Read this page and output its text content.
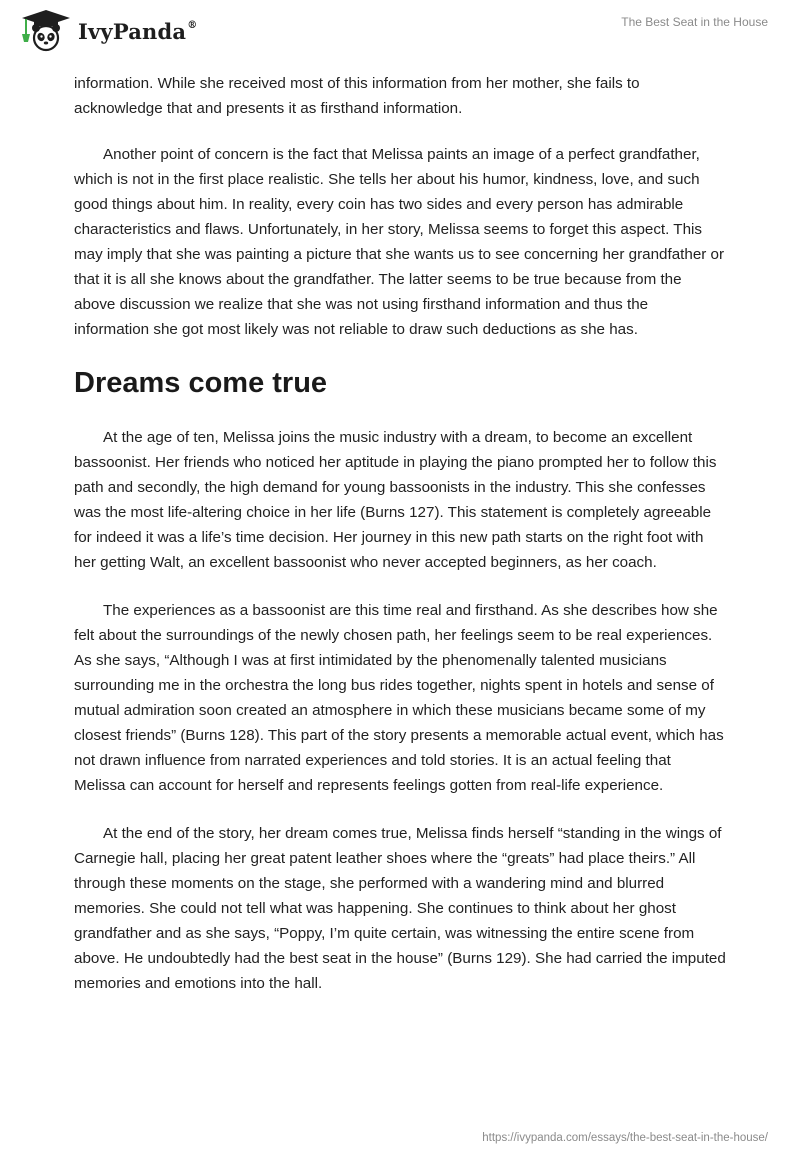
IvyPanda®	The Best Seat in the House

information. While she received most of this information from her mother, she fails to acknowledge that and presents it as firsthand information.

Another point of concern is the fact that Melissa paints an image of a perfect grandfather, which is not in the first place realistic. She tells her about his humor, kindness, love, and such good things about him. In reality, every coin has two sides and every person has admirable characteristics and flaws. Unfortunately, in her story, Melissa seems to forget this aspect. This may imply that she was painting a picture that she wants us to see concerning her grandfather or that it is all she knows about the grandfather. The latter seems to be true because from the above discussion we realize that she was not using firsthand information and thus the information she got most likely was not reliable to draw such deductions as she has.

Dreams come true

At the age of ten, Melissa joins the music industry with a dream, to become an excellent bassoonist. Her friends who noticed her aptitude in playing the piano prompted her to follow this path and secondly, the high demand for young bassoonists in the industry. This she confesses was the most life-altering choice in her life (Burns 127). This statement is completely agreeable for indeed it was a life’s time decision. Her journey in this new path starts on the right foot with her getting Walt, an excellent bassoonist who never accepted beginners, as her coach.

The experiences as a bassoonist are this time real and firsthand. As she describes how she felt about the surroundings of the newly chosen path, her feelings seem to be real experiences. As she says, “Although I was at first intimidated by the phenomenally talented musicians surrounding me in the orchestra the long bus rides together, nights spent in hotels and sense of mutual admiration soon created an atmosphere in which these musicians became some of my closest friends” (Burns 128). This part of the story presents a memorable actual event, which has not drawn influence from narrated experiences and told stories. It is an actual feeling that Melissa can account for herself and represents feelings gotten from real-life experience.

At the end of the story, her dream comes true, Melissa finds herself “standing in the wings of Carnegie hall, placing her great patent leather shoes where the “greats” had place theirs.” All through these moments on the stage, she performed with a wandering mind and blurred memories. She could not tell what was happening. She continues to think about her ghost grandfather and as she says, “Poppy, I’m quite certain, was witnessing the entire scene from above. He undoubtedly had the best seat in the house” (Burns 129). She had carried the imputed memories and emotions into the hall.

https://ivypanda.com/essays/the-best-seat-in-the-house/
